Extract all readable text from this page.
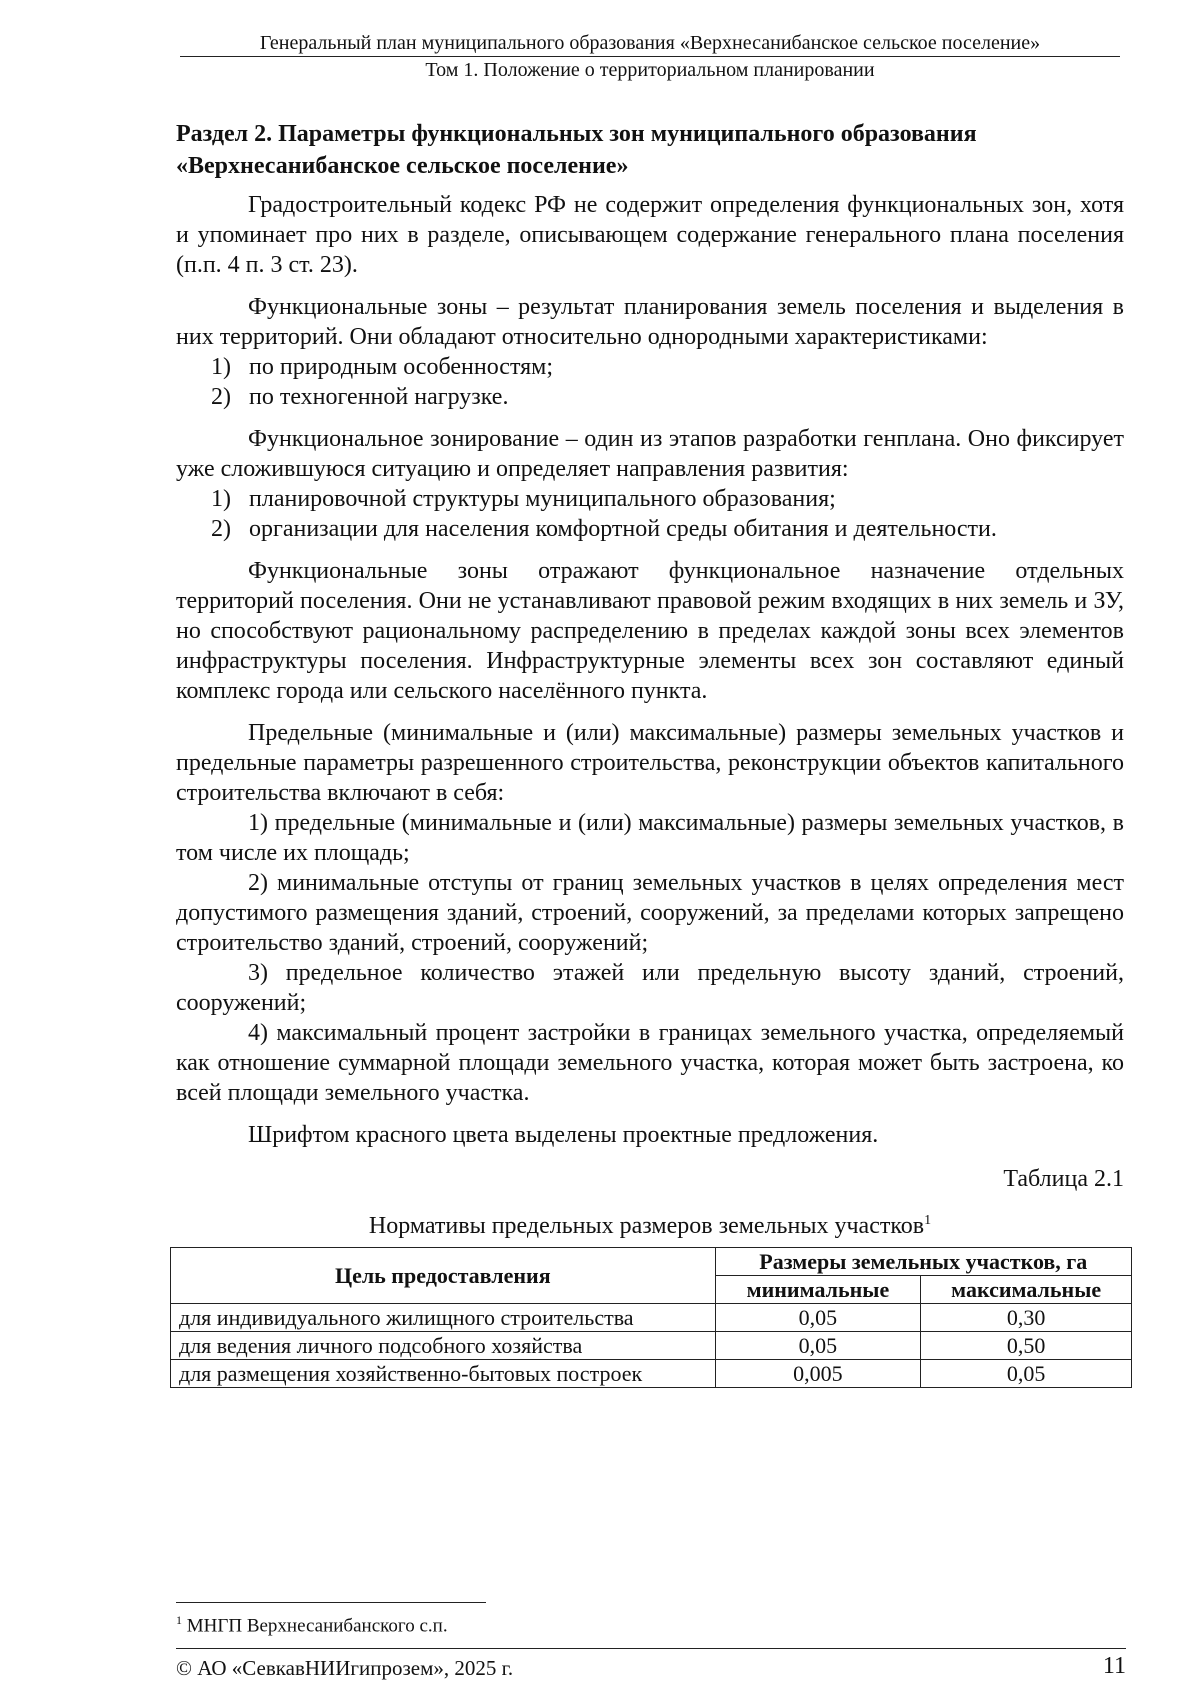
Генеральный план муниципального образования «Верхнесанибанское сельское поселение»
Том 1. Положение о территориальном планировании
Раздел 2. Параметры функциональных зон муниципального образования «Верхнесанибанское сельское поселение»

Градостроительный кодекс РФ не содержит определения функциональных зон, хотя и упоминает про них в разделе, описывающем содержание генерального плана поселения (п.п. 4 п. 3 ст. 23).

Функциональные зоны – результат планирования земель поселения и выделения в них территорий. Они обладают относительно однородными характеристиками:

1) по природным особенностям;
2) по техногенной нагрузке.

Функциональное зонирование – один из этапов разработки генплана. Оно фиксирует уже сложившуюся ситуацию и определяет направления развития:

1) планировочной структуры муниципального образования;
2) организации для населения комфортной среды обитания и деятельности.

Функциональные зоны отражают функциональное назначение отдельных территорий поселения. Они не устанавливают правовой режим входящих в них земель и ЗУ, но способствуют рациональному распределению в пределах каждой зоны всех элементов инфраструктуры поселения. Инфраструктурные элементы всех зон составляют единый комплекс города или сельского населённого пункта.

Предельные (минимальные и (или) максимальные) размеры земельных участков и предельные параметры разрешенного строительства, реконструкции объектов капитального строительства включают в себя:

1) предельные (минимальные и (или) максимальные) размеры земельных участков, в том числе их площадь;

2) минимальные отступы от границ земельных участков в целях определения мест допустимого размещения зданий, строений, сооружений, за пределами которых запрещено строительство зданий, строений, сооружений;

3) предельное количество этажей или предельную высоту зданий, строений, сооружений;

4) максимальный процент застройки в границах земельного участка, определяемый как отношение суммарной площади земельного участка, которая может быть застроена, ко всей площади земельного участка.

Шрифтом красного цвета выделены проектные предложения.

Таблица 2.1
Нормативы предельных размеров земельных участков$^1$
Цель предоставления	Размеры земельных участков, га	
	минимальные	максимальные
для индивидуального жилищного строительства	0,05	0,30
для ведения личного подсобного хозяйства	0,05	0,50
для размещения хозяйственно-бытовых построек	0,005	0,05
$^1$ МНГП Верхнесанибанского с.п.
© АО «СевкавНИИгипрозем», 2025 г.	11
